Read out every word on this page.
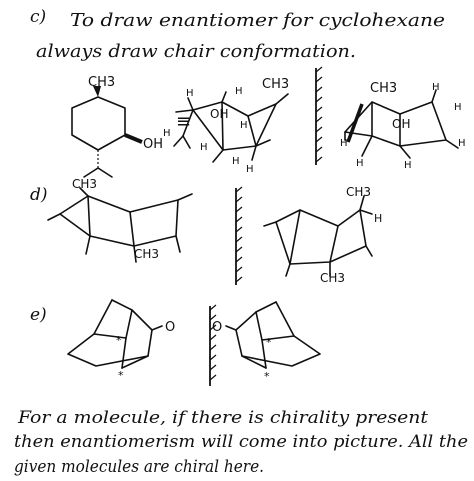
c) To draw enantiomer for cyclohexane
always draw chair conformation.
CH3
OH
≡
CH3
OH
H	H
H
H
H
H
H
CH3
OH
H
H
H
H
H	H
d)
CH3
CH3
CH3
H
CH3
e)
O
*
*
O
*
*
For a molecule, if there is chirality present
then enantiomerism will come into picture. All the
given molecules are chiral here.
